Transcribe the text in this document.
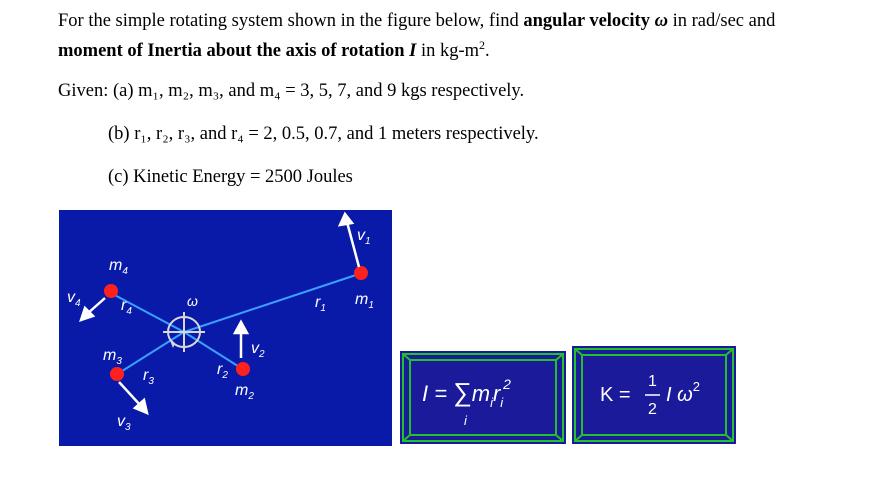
For the simple rotating system shown in the figure below, find angular velocity ω in rad/sec and
moment of Inertia about the axis of rotation I in $kg-m^2$.
Given: (a) m₁, m₂, m₃, and m₄ = 3, 5, 7, and 9 kgs respectively.
(b) r₁, r₂, r₃, and r₄ = 2, 0.5, 0.7, and 1 meters respectively.
(c) Kinetic Energy = 2500 Joules
$v_1$
$m_1$
$r_1$
$v_2$
$r_2$
$m_2$
ω
$m_3$
$r_3$
$v_3$
$m_4$
$r_4$
$v_4$
$I = \sum m_ir_i^2$
i
K =
1
2
I $\omega^2$
